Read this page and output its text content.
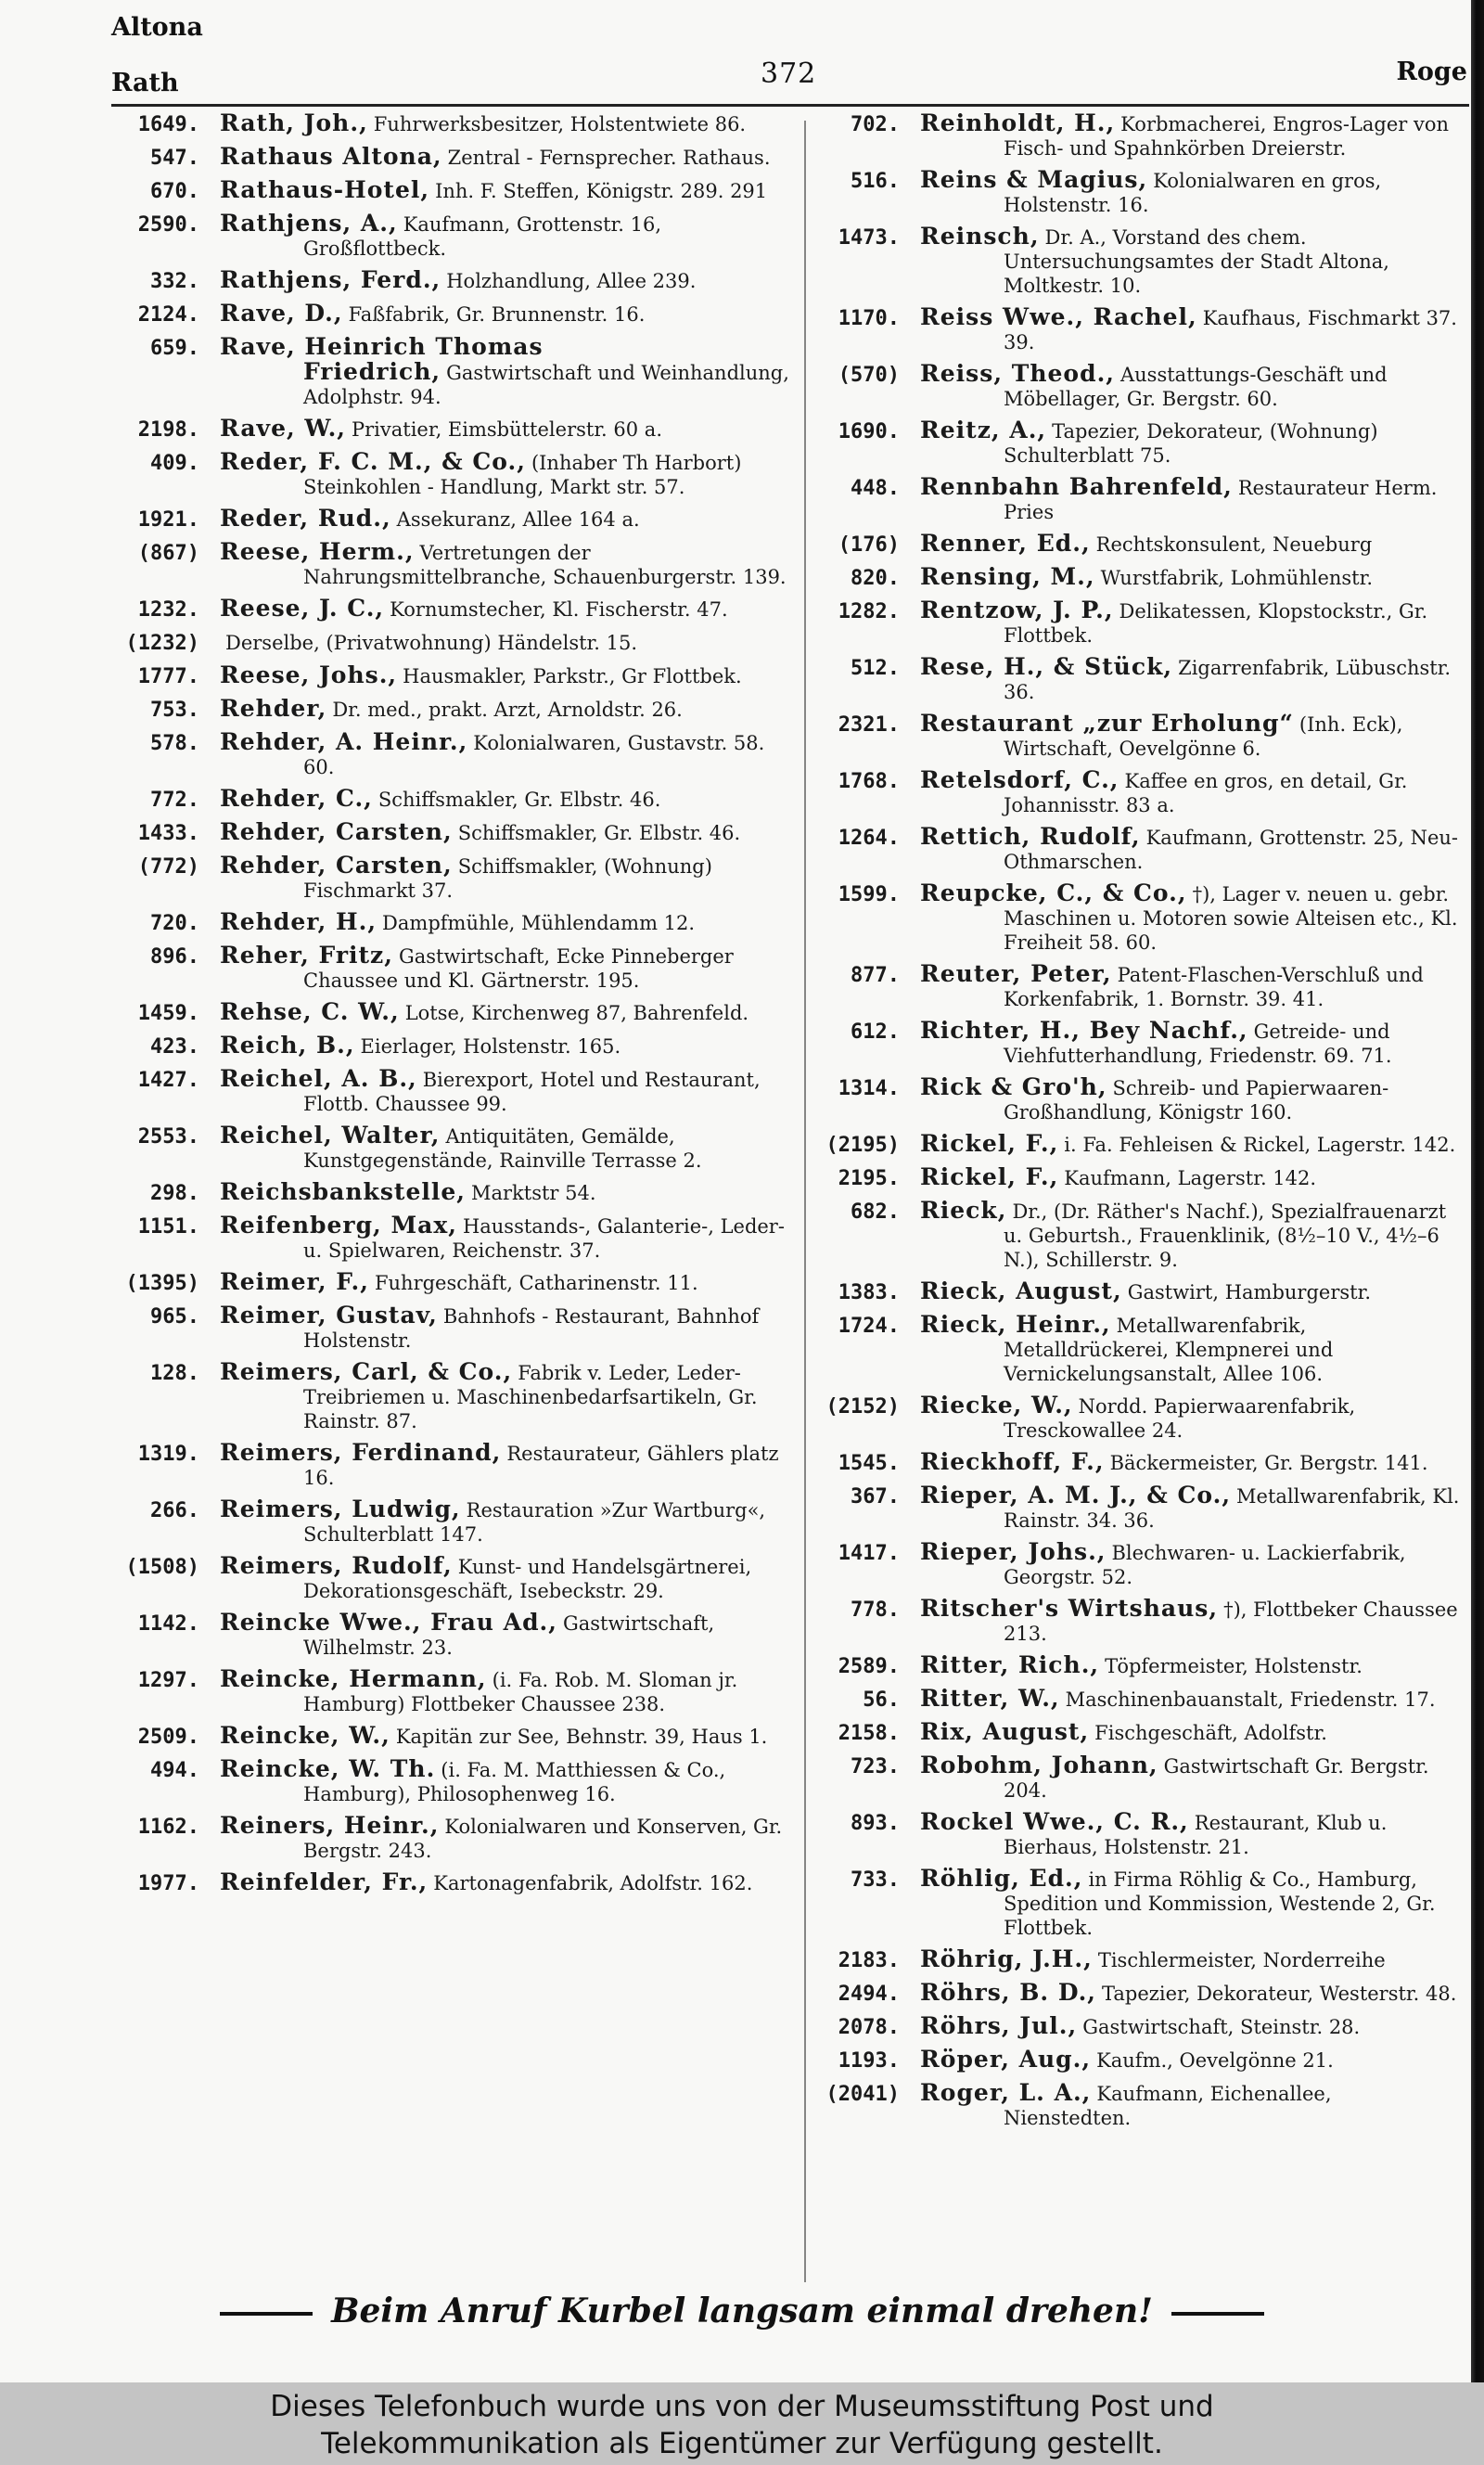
Altona
Rath	372	Roge
1649. Rath, Joh., Fuhrwerksbesitzer, Holstentwiete 86.
547. Rathaus Altona, Zentral - Fernsprecher. Rathaus.
670. Rathaus-Hotel, Inh. F. Steffen, Königstr. 289. 291
2590. Rathjens, A., Kaufmann, Grottenstr. 16, Großflottbeck.
332. Rathjens, Ferd., Holzhandlung, Allee 239.
2124. Rave, D., Faßfabrik, Gr. Brunnenstr. 16.
659. Rave, Heinrich Thomas Friedrich, Gastwirtschaft und Weinhandlung, Adolphstr. 94.
2198. Rave, W., Privatier, Eimsbüttelerstr. 60 a.
409. Reder, F. C. M., & Co., (Inhaber Th Harbort) Steinkohlen - Handlung, Markt str. 57.
1921. Reder, Rud., Assekuranz, Allee 164 a.
(867) Reese, Herm., Vertretungen der Nahrungsmittelbranche, Schauenburgerstr. 139.
1232. Reese, J. C., Kornumstecher, Kl. Fischerstr. 47.
(1232)	Derselbe, (Privatwohnung) Händelstr. 15.
1777. Reese, Johs., Hausmakler, Parkstr., Gr Flottbek.
753. Rehder, Dr. med., prakt. Arzt, Arnoldstr. 26.
578. Rehder, A. Heinr., Kolonialwaren, Gustavstr. 58. 60.
772. Rehder, C., Schiffsmakler, Gr. Elbstr. 46.
1433. Rehder, Carsten, Schiffsmakler, Gr. Elbstr. 46.
(772) Rehder, Carsten, Schiffsmakler, (Wohnung) Fischmarkt 37.
720. Rehder, H., Dampfmühle, Mühlendamm 12.
896. Reher, Fritz, Gastwirtschaft, Ecke Pinneberger Chaussee und Kl. Gärtnerstr. 195.
1459. Rehse, C. W., Lotse, Kirchenweg 87, Bahrenfeld.
423. Reich, B., Eierlager, Holstenstr. 165.
1427. Reichel, A. B., Bierexport, Hotel und Restaurant, Flottb. Chaussee 99.
2553. Reichel, Walter, Antiquitäten, Gemälde, Kunstgegenstände, Rainville Terrasse 2.
298. Reichsbankstelle, Marktstr 54.
1151. Reifenberg, Max, Hausstands-, Galanterie-, Leder- u. Spielwaren, Reichenstr. 37.
(1395) Reimer, F., Fuhrgeschäft, Catharinenstr. 11.
965. Reimer, Gustav, Bahnhofs - Restaurant, Bahnhof Holstenstr.
128. Reimers, Carl, & Co., Fabrik v. Leder, Leder-Treibriemen u. Maschinenbedarfsartikeln, Gr. Rainstr. 87.
1319. Reimers, Ferdinand, Restaurateur, Gählers platz 16.
266. Reimers, Ludwig, Restauration »Zur Wartburg«, Schulterblatt 147.
(1508) Reimers, Rudolf, Kunst- und Handelsgärtnerei, Dekorationsgeschäft, Isebeckstr. 29.
1142. Reincke Wwe., Frau Ad., Gastwirtschaft, Wilhelmstr. 23.
1297. Reincke, Hermann, (i. Fa. Rob. M. Sloman jr. Hamburg) Flottbeker Chaussee 238.
2509. Reincke, W., Kapitän zur See, Behnstr. 39, Haus 1.
494. Reincke, W. Th. (i. Fa. M. Matthiessen & Co., Hamburg), Philosophenweg 16.
1162. Reiners, Heinr., Kolonialwaren und Konserven, Gr. Bergstr. 243.
1977. Reinfelder, Fr., Kartonagenfabrik, Adolfstr. 162.
702. Reinholdt, H., Korbmacherei, Engros-Lager von Fisch- und Spahnkörben Dreierstr.
516. Reins & Magius, Kolonialwaren en gros, Holstenstr. 16.
1473. Reinsch, Dr. A., Vorstand des chem. Untersuchungsamtes der Stadt Altona, Moltkestr. 10.
1170. Reiss Wwe., Rachel, Kaufhaus, Fischmarkt 37. 39.
(570) Reiss, Theod., Ausstattungs-Geschäft und Möbellager, Gr. Bergstr. 60.
1690. Reitz, A., Tapezier, Dekorateur, (Wohnung) Schulterblatt 75.
448. Rennbahn Bahrenfeld, Restaurateur Herm. Pries
(176) Renner, Ed., Rechtskonsulent, Neueburg
820. Rensing, M., Wurstfabrik, Lohmühlenstr.
1282. Rentzow, J. P., Delikatessen, Klopstockstr., Gr. Flottbek.
512. Rese, H., & Stück, Zigarrenfabrik, Lübuschstr. 36.
2321. Restaurant „zur Erholung“ (Inh. Eck), Wirtschaft, Oevelgönne 6.
1768. Retelsdorf, C., Kaffee en gros, en detail, Gr. Johannisstr. 83 a.
1264. Rettich, Rudolf, Kaufmann, Grottenstr. 25, Neu-Othmarschen.
1599. Reupcke, C., & Co., †), Lager v. neuen u. gebr. Maschinen u. Motoren sowie Alteisen etc., Kl. Freiheit 58. 60.
877. Reuter, Peter, Patent-Flaschen-Verschluß und Korkenfabrik, 1. Bornstr. 39. 41.
612. Richter, H., Bey Nachf., Getreide- und Viehfutterhandlung, Friedenstr. 69. 71.
1314. Rick & Gro'h, Schreib- und Papierwaaren-Großhandlung, Königstr 160.
(2195) Rickel, F., i. Fa. Fehleisen & Rickel, Lagerstr. 142.
2195. Rickel, F., Kaufmann, Lagerstr. 142.
682. Rieck, Dr., (Dr. Räther's Nachf.), Spezialfrauenarzt u. Geburtsh., Frauenklinik, (8½–10 V., 4½–6 N.), Schillerstr. 9.
1383. Rieck, August, Gastwirt, Hamburgerstr.
1724. Rieck, Heinr., Metallwarenfabrik, Metalldrückerei, Klempnerei und Vernickelungsanstalt, Allee 106.
(2152) Riecke, W., Nordd. Papierwaarenfabrik, Tresckowallee 24.
1545. Rieckhoff, F., Bäckermeister, Gr. Bergstr. 141.
367. Rieper, A. M. J., & Co., Metallwarenfabrik, Kl. Rainstr. 34. 36.
1417. Rieper, Johs., Blechwaren- u. Lackierfabrik, Georgstr. 52.
778. Ritscher's Wirtshaus, †), Flottbeker Chaussee 213.
2589. Ritter, Rich., Töpfermeister, Holstenstr.
56. Ritter, W., Maschinenbauanstalt, Friedenstr. 17.
2158. Rix, August, Fischgeschäft, Adolfstr.
723. Robohm, Johann, Gastwirtschaft Gr. Bergstr. 204.
893. Rockel Wwe., C. R., Restaurant, Klub u. Bierhaus, Holstenstr. 21.
733. Röhlig, Ed., in Firma Röhlig & Co., Hamburg, Spedition und Kommission, Westende 2, Gr. Flottbek.
2183. Röhrig, J.H., Tischlermeister, Norderreihe
2494. Röhrs, B. D., Tapezier, Dekorateur, Westerstr. 48.
2078. Röhrs, Jul., Gastwirtschaft, Steinstr. 28.
1193. Röper, Aug., Kaufm., Oevelgönne 21.
(2041) Roger, L. A., Kaufmann, Eichenallee, Nienstedten.
Beim Anruf Kurbel langsam einmal drehen!
Dieses Telefonbuch wurde uns von der Museumsstiftung Post und
Telekommunikation als Eigentümer zur Verfügung gestellt.
